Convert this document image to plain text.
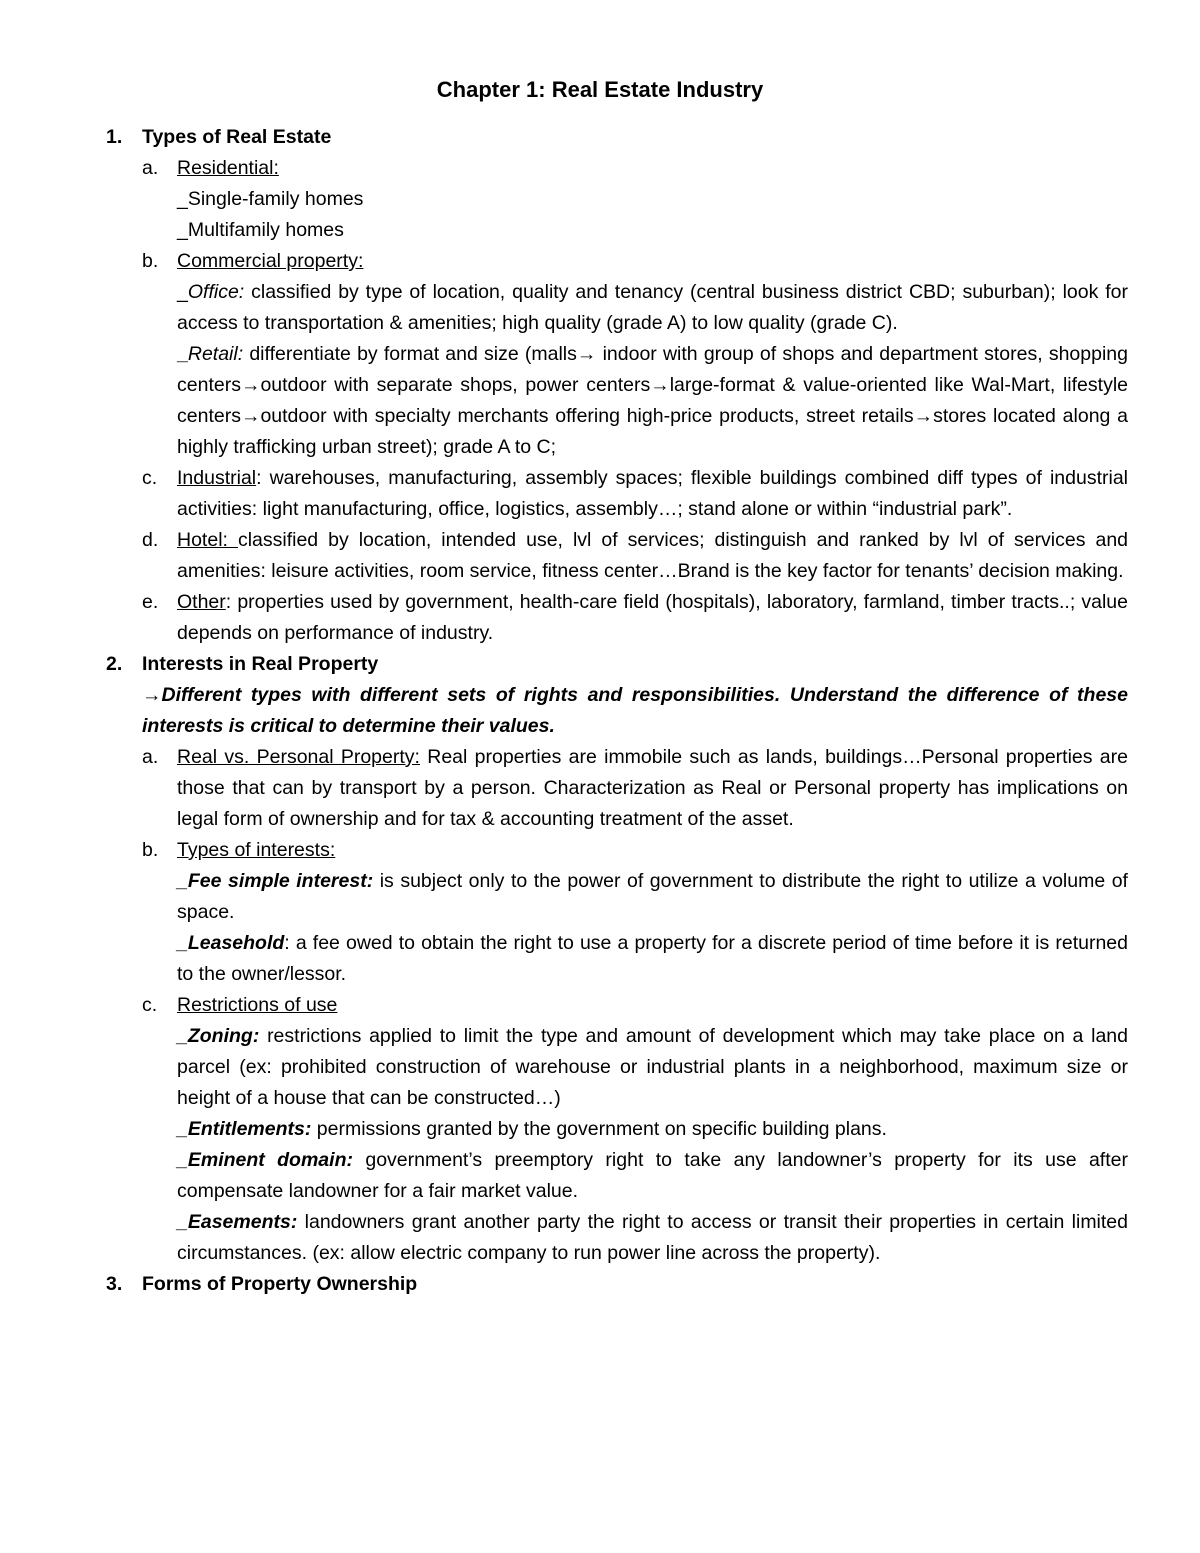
Chapter 1: Real Estate Industry
1.	Types of Real Estate
a. Residential:
_Single-family homes
_Multifamily homes
b. Commercial property:
_Office: classified by type of location, quality and tenancy (central business district CBD; suburban); look for access to transportation & amenities; high quality (grade A) to low quality (grade C).
_Retail: differentiate by format and size (malls→ indoor with group of shops and department stores, shopping centers→outdoor with separate shops, power centers→large-format & value-oriented like Wal-Mart, lifestyle centers→outdoor with specialty merchants offering high-price products, street retails→stores located along a highly trafficking urban street); grade A to C;
c.	Industrial: warehouses, manufacturing, assembly spaces; flexible buildings combined diff types of industrial activities: light manufacturing, office, logistics, assembly…; stand alone or within “industrial park”.
d. Hotel: classified by location, intended use, lvl of services; distinguish and ranked by lvl of services and amenities: leisure activities, room service, fitness center…Brand is the key factor for tenants’ decision making.
e. Other: properties used by government, health-care field (hospitals), laboratory, farmland, timber tracts..; value depends on performance of industry.
2.	Interests in Real Property
→Different types with different sets of rights and responsibilities. Understand the difference of these interests is critical to determine their values.
a. Real vs. Personal Property: Real properties are immobile such as lands, buildings…Personal properties are those that can by transport by a person. Characterization as Real or Personal property has implications on legal form of ownership and for tax & accounting treatment of the asset.
b. Types of interests:
_Fee simple interest: is subject only to the power of government to distribute the right to utilize a volume of space.
_Leasehold: a fee owed to obtain the right to use a property for a discrete period of time before it is returned to the owner/lessor.
c.	Restrictions of use
_Zoning: restrictions applied to limit the type and amount of development which may take place on a land parcel (ex: prohibited construction of warehouse or industrial plants in a neighborhood, maximum size or height of a house that can be constructed…)
_Entitlements: permissions granted by the government on specific building plans.
_Eminent domain: government’s preemptory right to take any landowner’s property for its use after compensate landowner for a fair market value.
_Easements: landowners grant another party the right to access or transit their properties in certain limited circumstances. (ex: allow electric company to run power line across the property).
3.	Forms of Property Ownership
